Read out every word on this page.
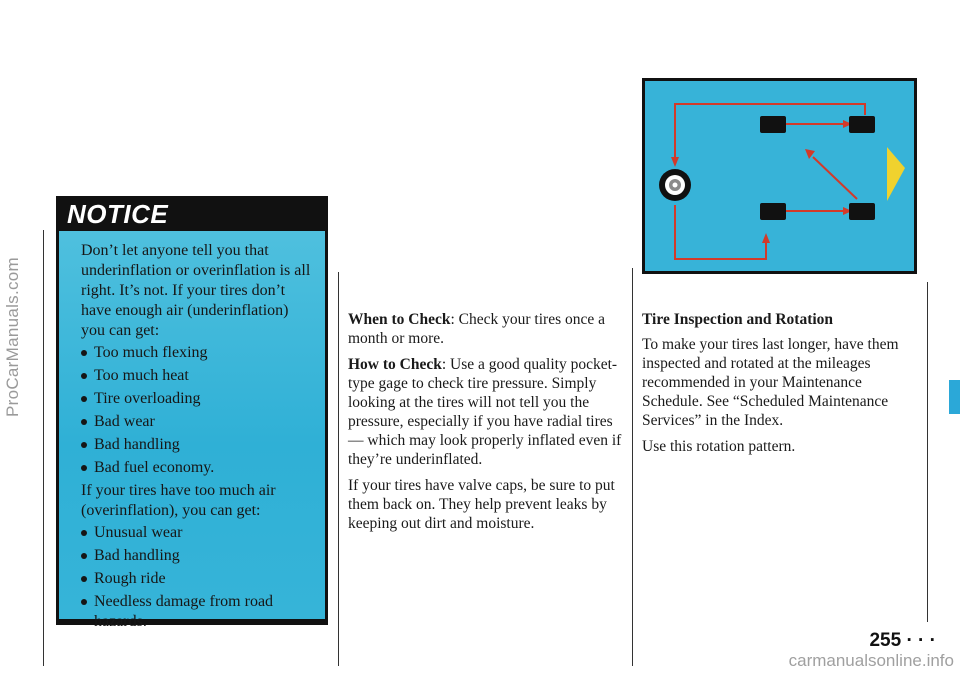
ProCarManuals.com
NOTICE

Don’t let anyone tell you that underinflation or overinflation is all right. It’s not. If your tires don’t have enough air (underinflation) you can get:

Too much flexing
Too much heat
Tire overloading
Bad wear
Bad handling
Bad fuel economy.

If your tires have too much air (overinflation), you can get:

Unusual wear
Bad handling
Rough ride
Needless damage from road hazards.

When to Check: Check your tires once a month or more.

How to Check: Use a good quality pocket-type gage to check tire pressure. Simply looking at the tires will not tell you the pressure, especially if you have radial tires — which may look properly inflated even if they’re underinflated.

If your tires have valve caps, be sure to put them back on. They help prevent leaks by keeping out dirt and moisture.

Tire Inspection and Rotation

To make your tires last longer, have them inspected and rotated at the mileages recommended in your Maintenance Schedule. See “Scheduled Maintenance Services” in the Index.

Use this rotation pattern.

255 · · ·
carmanualsonline.info
